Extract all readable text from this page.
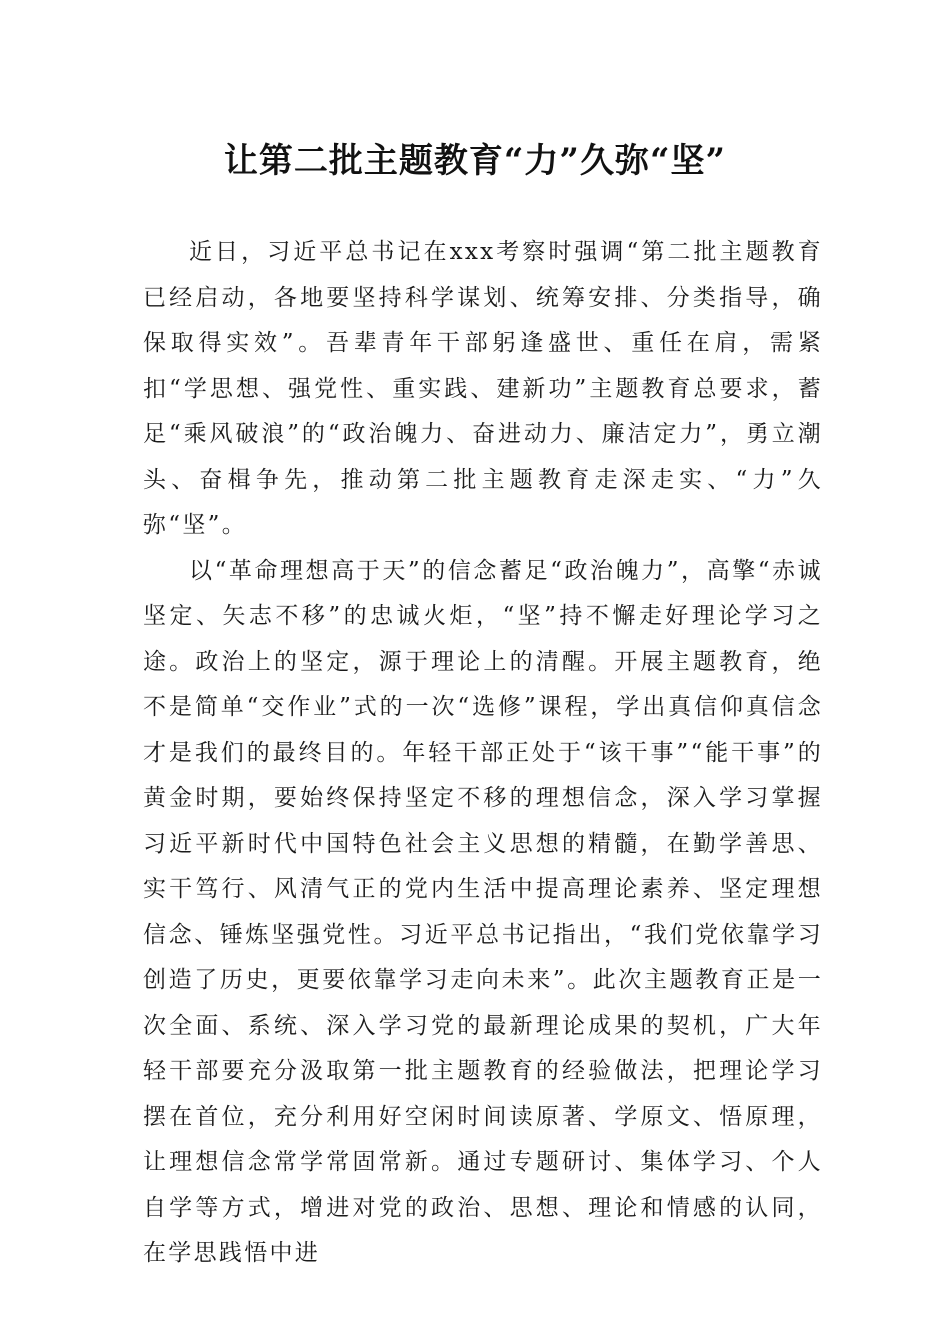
让第二批主题教育“力”久弥“坚”

近日，习近平总书记在xxx考察时强调“第二批主题教育已经启动，各地要坚持科学谋划、统筹安排、分类指导，确保取得实效”。吾辈青年干部躬逢盛世、重任在肩，需紧扣“学思想、强党性、重实践、建新功”主题教育总要求，蓄足“乘风破浪”的“政治魄力、奋进动力、廉洁定力”，勇立潮头、奋楫争先，推动第二批主题教育走深走实、“力”久弥“坚”。

以“革命理想高于天”的信念蓄足“政治魄力”，高擎“赤诚坚定、矢志不移”的忠诚火炬，“坚”持不懈走好理论学习之途。政治上的坚定，源于理论上的清醒。开展主题教育，绝不是简单“交作业”式的一次“选修”课程，学出真信仰真信念才是我们的最终目的。年轻干部正处于“该干事”“能干事”的黄金时期，要始终保持坚定不移的理想信念，深入学习掌握习近平新时代中国特色社会主义思想的精髓，在勤学善思、实干笃行、风清气正的党内生活中提高理论素养、坚定理想信念、锤炼坚强党性。习近平总书记指出，“我们党依靠学习创造了历史，更要依靠学习走向未来”。此次主题教育正是一次全面、系统、深入学习党的最新理论成果的契机，广大年轻干部要充分汲取第一批主题教育的经验做法，把理论学习摆在首位，充分利用好空闲时间读原著、学原文、悟原理，让理想信念常学常固常新。通过专题研讨、集体学习、个人自学等方式，增进对党的政治、思想、理论和情感的认同，在学思践悟中进
